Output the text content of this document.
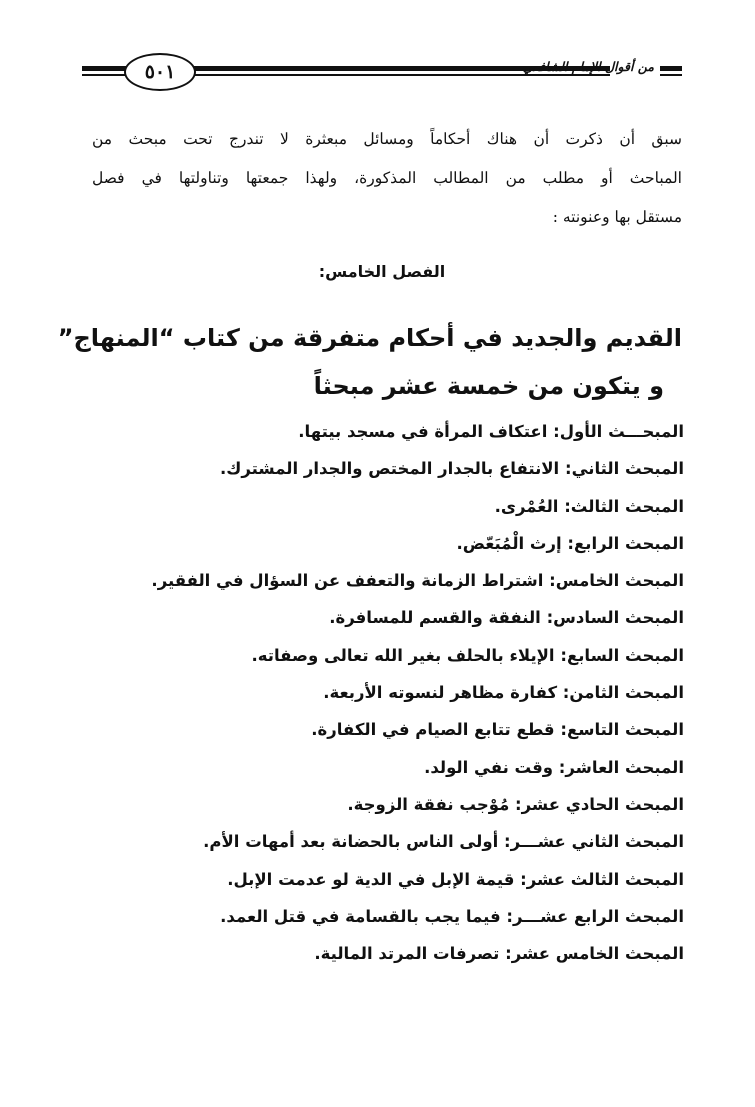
٥٠١	من أقوال الإمام الشافعي
سبق أن ذكرت أن هناك أحكاماً ومسائل مبعثرة لا تندرج تحت مبحث من
المباحث أو مطلب من المطالب المذكورة، ولهذا جمعتها وتناولتها في فصل
مستقل بها وعنونته :
الفصل الخامس:
القديم والجديد في أحكام متفرقة من كتاب “المنهاج”
و يتكون من خمسة عشر مبحثاً
المبحـــث الأول: اعتكاف المرأة في مسجد بيتها.
المبحث الثاني: الانتفاع بالجدار المختص والجدار المشترك.
المبحث الثالث: العُمْرى.
المبحث الرابع: إرث الْمُبَعّض.
المبحث الخامس: اشتراط الزمانة والتعفف عن السؤال في الفقير.
المبحث السادس: النفقة والقسم للمسافرة.
المبحث السابع: الإيلاء بالحلف بغير الله تعالى وصفاته.
المبحث الثامن: كفارة مظاهر لنسوته الأربعة.
المبحث التاسع: قطع تتابع الصيام في الكفارة.
المبحث العاشر: وقت نفي الولد.
المبحث الحادي عشر: مُوْجب نفقة الزوجة.
المبحث الثاني عشـــر: أولى الناس بالحضانة بعد أمهات الأم.
المبحث الثالث عشر: قيمة الإبل في الدية لو عدمت الإبل.
المبحث الرابع عشـــر: فيما يجب بالقسامة في قتل العمد.
المبحث الخامس عشر: تصرفات المرتد المالية.
